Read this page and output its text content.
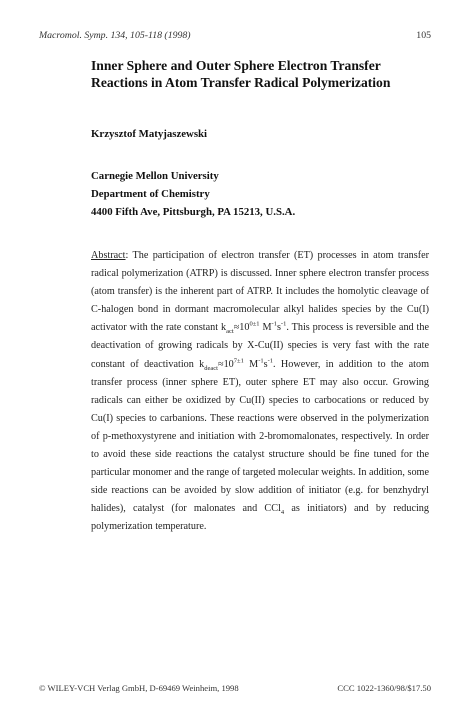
Macromol. Symp. 134, 105-118 (1998)	105
Inner Sphere and Outer Sphere Electron Transfer
Reactions in Atom Transfer Radical Polymerization
Krzysztof Matyjaszewski
Carnegie Mellon University
Department of Chemistry
4400 Fifth Ave, Pittsburgh, PA 15213, U.S.A.
Abstract: The participation of electron transfer (ET) processes in atom transfer radical polymerization (ATRP) is discussed. Inner sphere electron transfer process (atom transfer) is the inherent part of ATRP. It includes the homolytic cleavage of C-halogen bond in dormant macromolecular alkyl halides species by the Cu(I) activator with the rate constant $k_{act}\approx 10^{0\pm 1}$ $M^{-1}s^{-1}$. This process is reversible and the deactivation of growing radicals by X-Cu(II) species is very fast with the rate constant of deactivation $k_{deact}\approx 10^{7\pm 1}$ $M^{-1}s^{-1}$. However, in addition to the atom transfer process (inner sphere ET), outer sphere ET may also occur. Growing radicals can either be oxidized by Cu(II) species to carbocations or reduced by Cu(I) species to carbanions. These reactions were observed in the polymerization of p-methoxystyrene and initiation with 2-bromomalonates, respectively. In order to avoid these side reactions the catalyst structure should be fine tuned for the particular monomer and the range of targeted molecular weights. In addition, some side reactions can be avoided by slow addition of initiator (e.g. for benzhydryl halides), catalyst (for malonates and CCl$_4$ as initiators) and by reducing polymerization temperature.
© WILEY-VCH Verlag GmbH, D-69469 Weinheim, 1998	CCC 1022-1360/98/$17.50
